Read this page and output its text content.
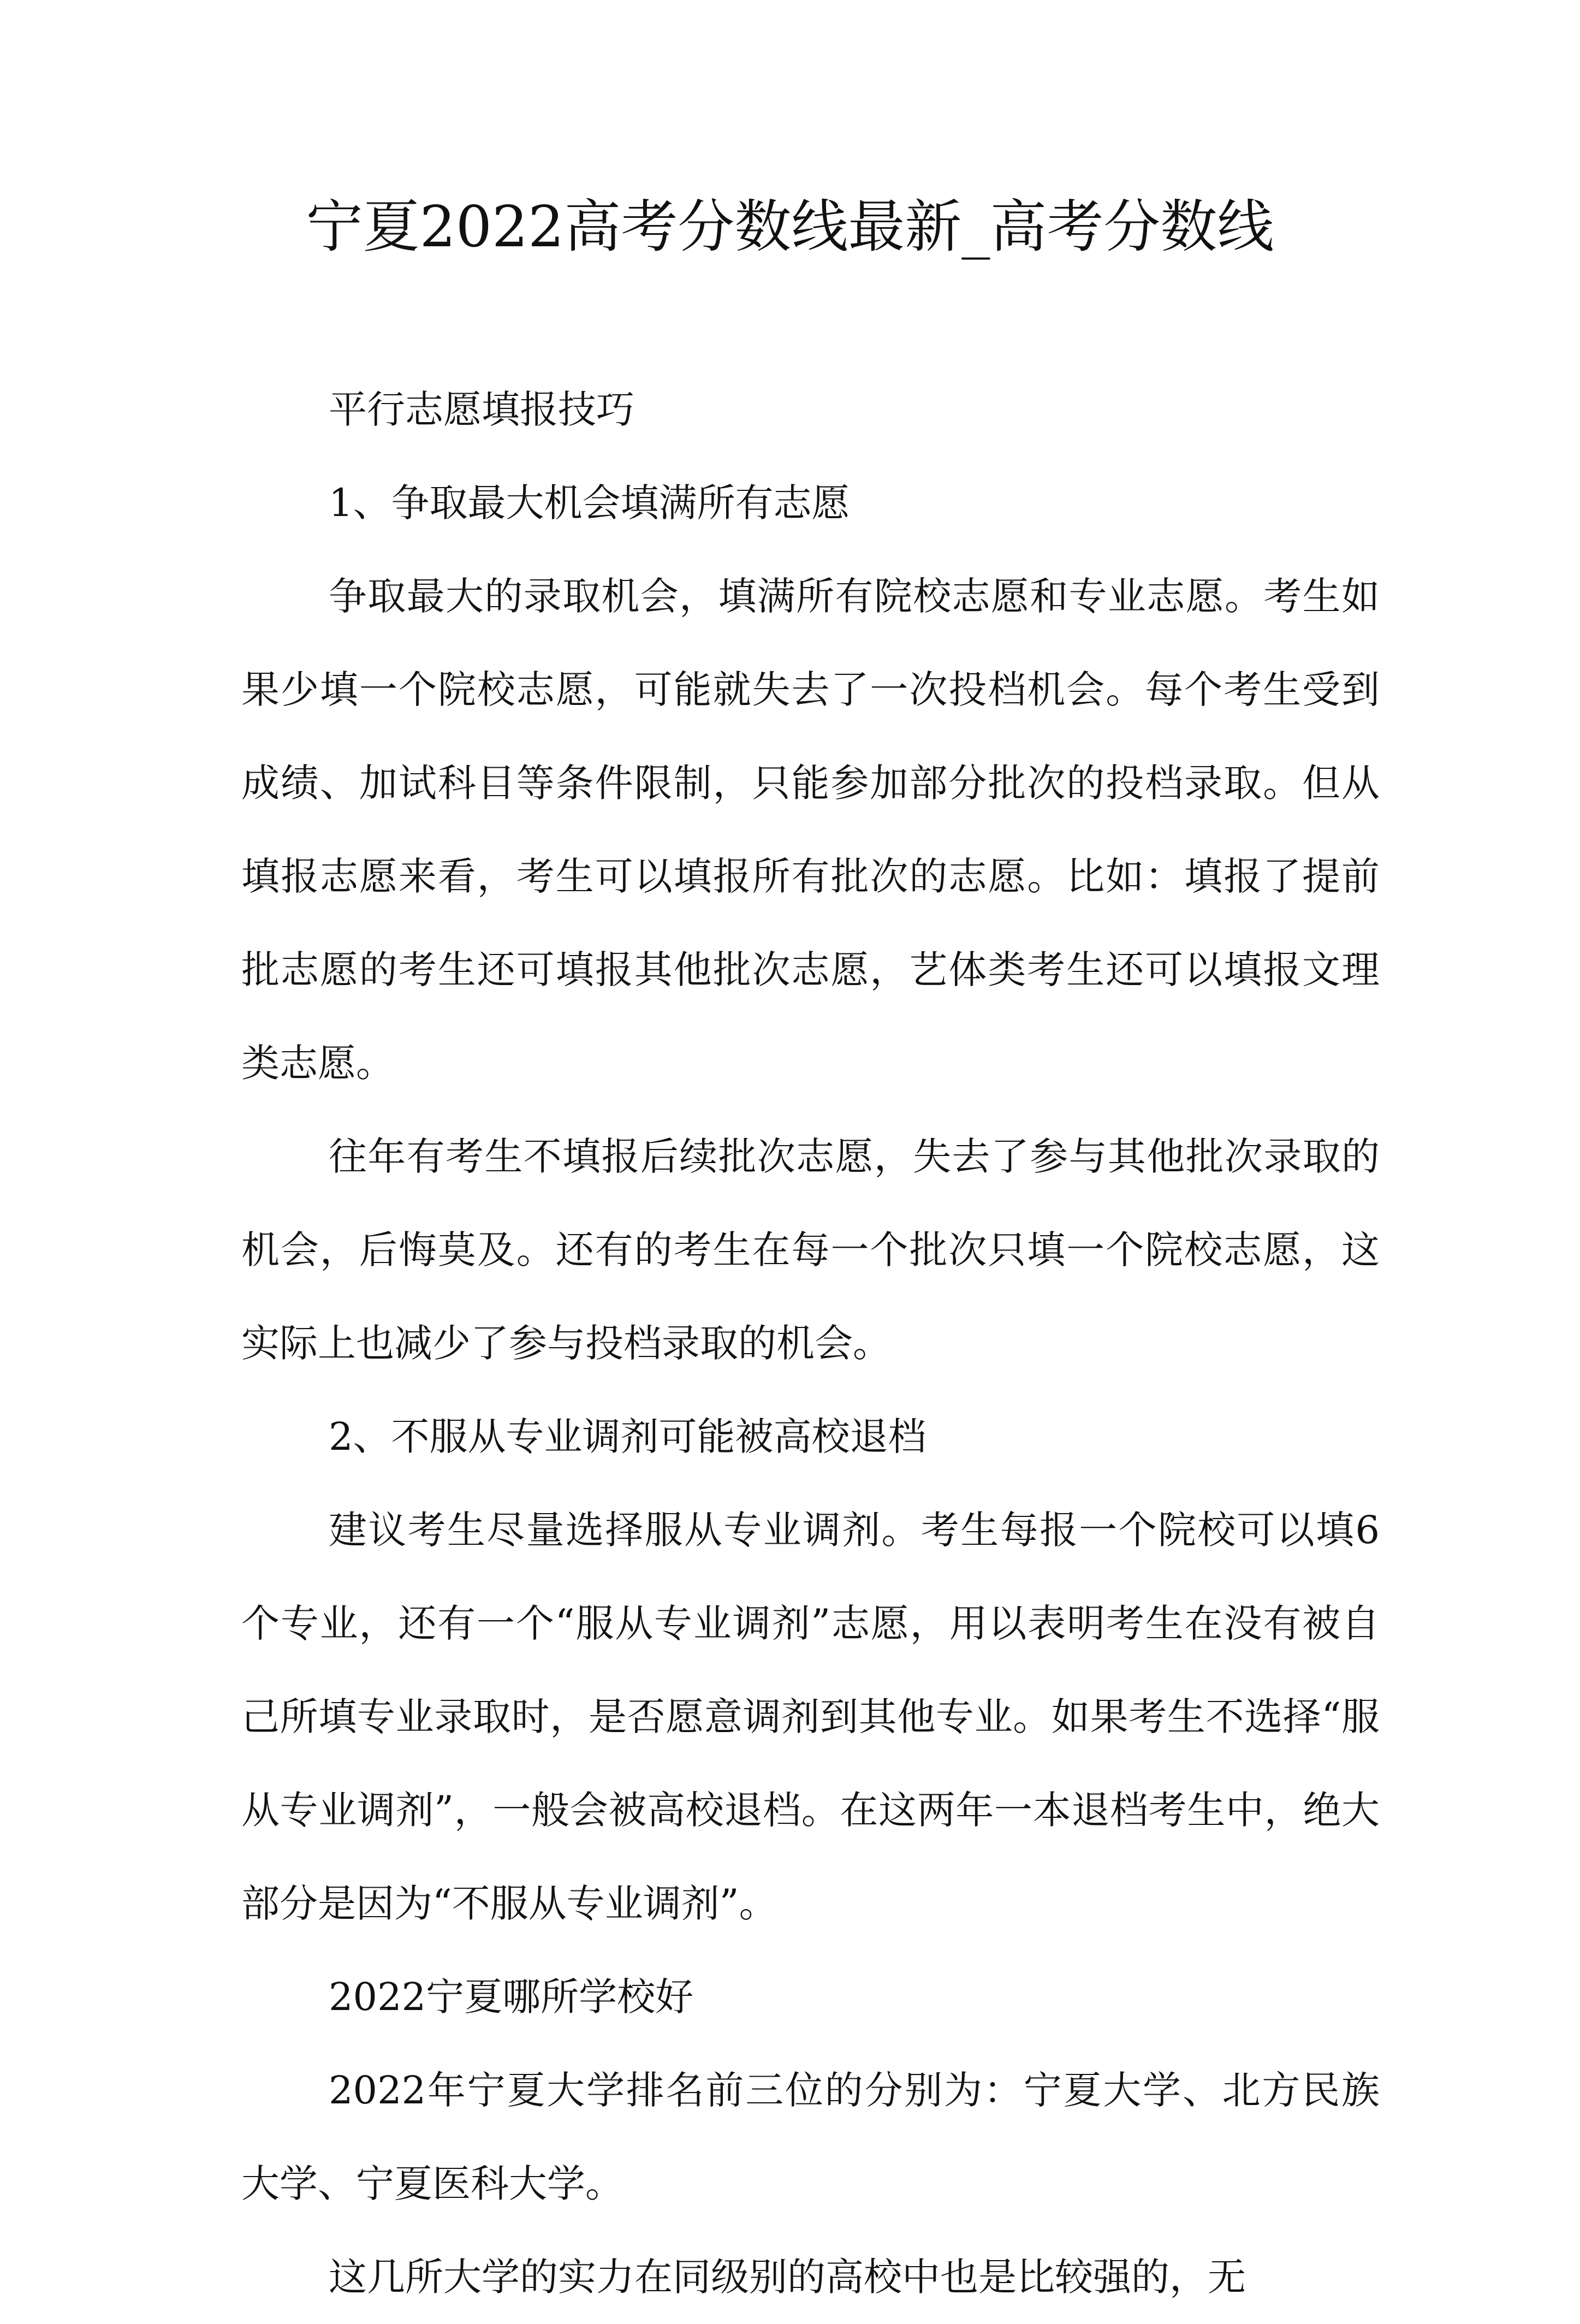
宁夏2022高考分数线最新_高考分数线

平行志愿填报技巧

1、争取最大机会填满所有志愿

争取最大的录取机会，填满所有院校志愿和专业志愿。考生如果少填一个院校志愿，可能就失去了一次投档机会。每个考生受到成绩、加试科目等条件限制，只能参加部分批次的投档录取。但从填报志愿来看，考生可以填报所有批次的志愿。比如：填报了提前批志愿的考生还可填报其他批次志愿，艺体类考生还可以填报文理类志愿。

往年有考生不填报后续批次志愿，失去了参与其他批次录取的机会，后悔莫及。还有的考生在每一个批次只填一个院校志愿，这实际上也减少了参与投档录取的机会。

2、不服从专业调剂可能被高校退档

建议考生尽量选择服从专业调剂。考生每报一个院校可以填6个专业，还有一个“服从专业调剂”志愿，用以表明考生在没有被自己所填专业录取时，是否愿意调剂到其他专业。如果考生不选择“服从专业调剂”，一般会被高校退档。在这两年一本退档考生中，绝大部分是因为“不服从专业调剂”。

2022宁夏哪所学校好

2022年宁夏大学排名前三位的分别为：宁夏大学、北方民族大学、宁夏医科大学。

这几所大学的实力在同级别的高校中也是比较强的，无
